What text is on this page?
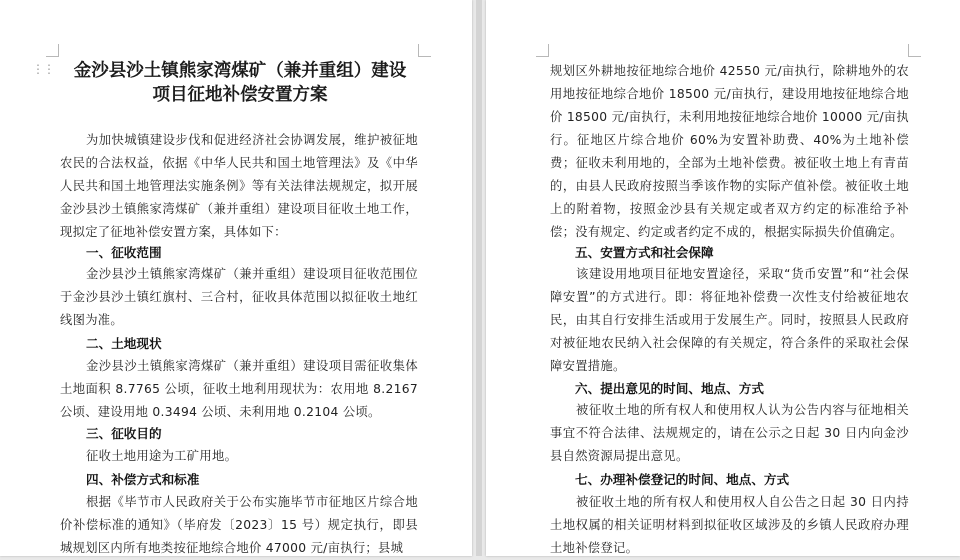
⋮⋮	金沙县沙土镇熊家湾煤矿（兼并重组）建设

项目征地补偿安置方案

为加快城镇建设步伐和促进经济社会协调发展，维护被征地农民的合法权益，依据《中华人民共和国土地管理法》及《中华人民共和国土地管理法实施条例》等有关法律法规规定，拟开展金沙县沙土镇熊家湾煤矿（兼并重组）建设项目征收土地工作，现拟定了征地补偿安置方案，具体如下：

一、征收范围

金沙县沙土镇熊家湾煤矿（兼并重组）建设项目征收范围位于金沙县沙土镇红旗村、三合村，征收具体范围以拟征收土地红线图为准。

二、土地现状

金沙县沙土镇熊家湾煤矿（兼并重组）建设项目需征收集体土地面积 8.7765 公顷，征收土地利用现状为：农用地 8.2167 公顷、建设用地 0.3494 公顷、未利用地 0.2104 公顷。

三、征收目的

征收土地用途为工矿用地。

四、补偿方式和标准

根据《毕节市人民政府关于公布实施毕节市征地区片综合地价补偿标准的通知》（毕府发〔2023〕15 号）规定执行，即县城规划区内所有地类按征地综合地价 47000 元/亩执行；县城

规划区外耕地按征地综合地价 42550 元/亩执行，除耕地外的农用地按征地综合地价 18500 元/亩执行，建设用地按征地综合地价 18500 元/亩执行，未利用地按征地综合地价 10000 元/亩执行。征地区片综合地价 60%为安置补助费、40%为土地补偿费；征收未利用地的，全部为土地补偿费。被征收土地上有青苗的，由县人民政府按照当季该作物的实际产值补偿。被征收土地上的附着物，按照金沙县有关规定或者双方约定的标准给予补偿；没有规定、约定或者约定不成的，根据实际损失价值确定。

五、安置方式和社会保障

该建设用地项目征地安置途径，采取“货币安置”和“社会保障安置”的方式进行。即：将征地补偿费一次性支付给被征地农民，由其自行安排生活或用于发展生产。同时，按照县人民政府对被征地农民纳入社会保障的有关规定，符合条件的采取社会保障安置措施。

六、提出意见的时间、地点、方式

被征收土地的所有权人和使用权人认为公告内容与征地相关事宜不符合法律、法规规定的，请在公示之日起 30 日内向金沙县自然资源局提出意见。

七、办理补偿登记的时间、地点、方式

被征收土地的所有权人和使用权人自公告之日起 30 日内持土地权属的相关证明材料到拟征收区域涉及的乡镇人民政府办理土地补偿登记。
